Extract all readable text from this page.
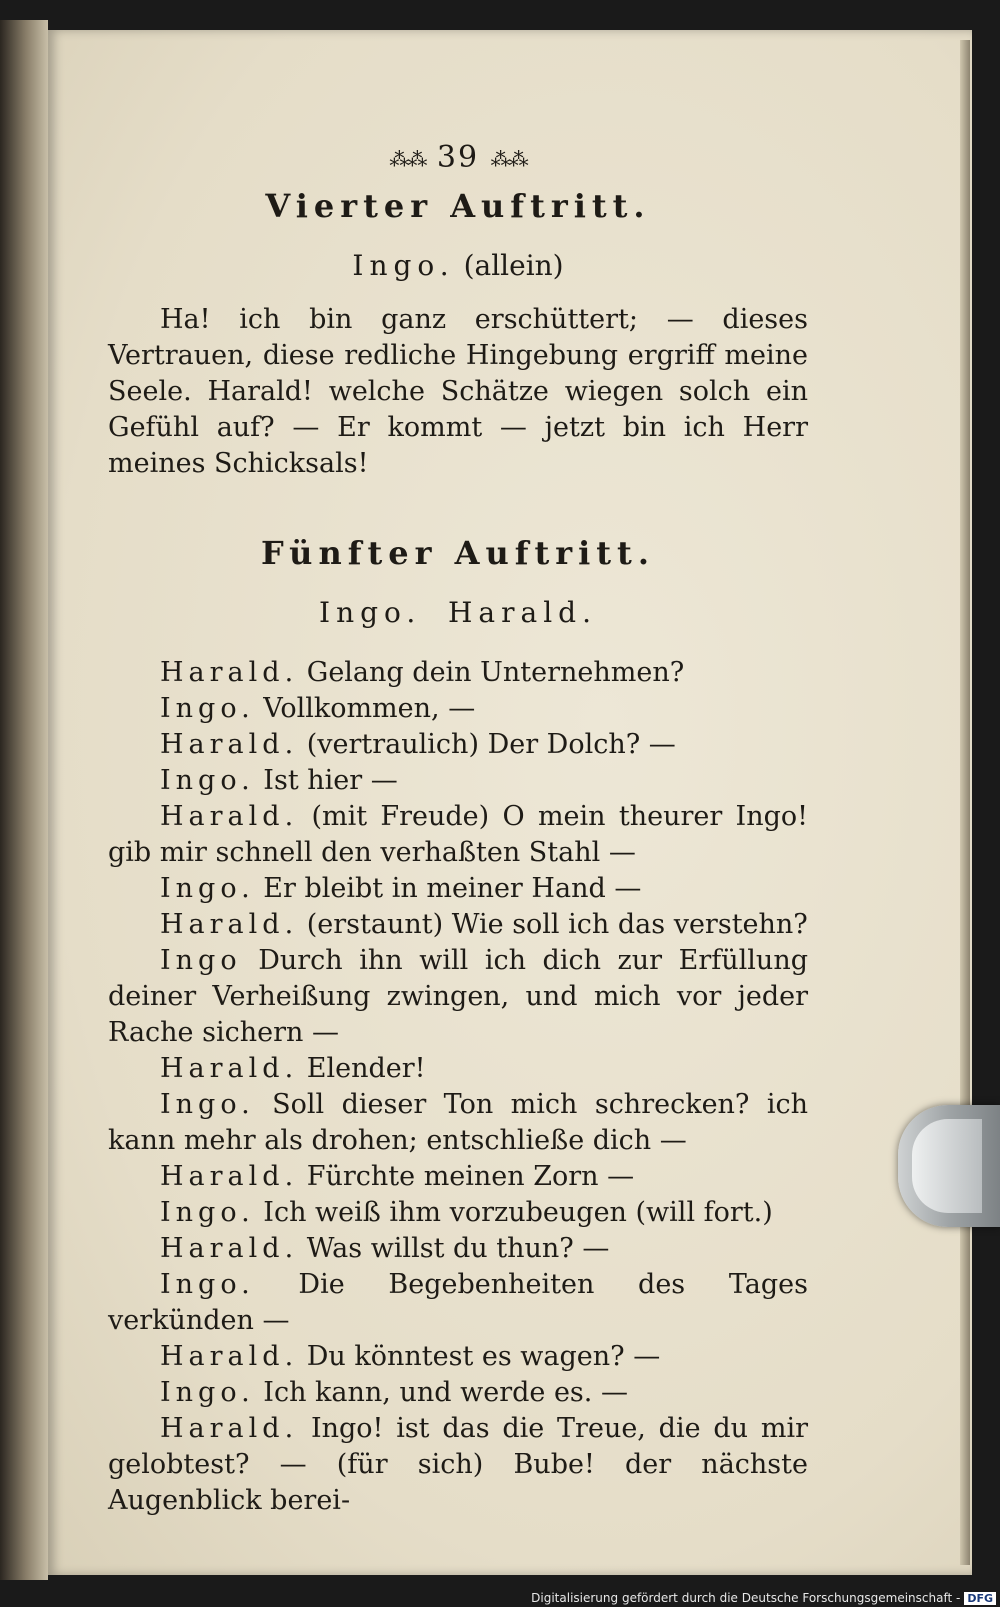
⁂⁂ 39 ⁂⁂
Vierter Auftritt.
Ingo. (allein)

Ha! ich bin ganz erschüttert; — dieses Vertrauen, diese redliche Hingebung ergriff meine Seele. Harald! welche Schätze wiegen solch ein Gefühl auf? — Er kommt — jetzt bin ich Herr meines Schicksals!

Fünfter Auftritt.
Ingo. Harald.

Harald. Gelang dein Unternehmen?

Ingo. Vollkommen, —

Harald. (vertraulich) Der Dolch? —

Ingo. Ist hier —

Harald. (mit Freude) O mein theurer Ingo! gib mir schnell den verhaßten Stahl —

Ingo. Er bleibt in meiner Hand —

Harald. (erstaunt) Wie soll ich das verstehn?

Ingo Durch ihn will ich dich zur Erfüllung deiner Verheißung zwingen, und mich vor jeder Rache sichern —

Harald. Elender!

Ingo. Soll dieser Ton mich schrecken? ich kann mehr als drohen; entschließe dich —

Harald. Fürchte meinen Zorn —

Ingo. Ich weiß ihm vorzubeugen (will fort.)

Harald. Was willst du thun? —

Ingo. Die Begebenheiten des Tages verkünden —

Harald. Du könntest es wagen? —

Ingo. Ich kann, und werde es. —

Harald. Ingo! ist das die Treue, die du mir gelobtest? — (für sich) Bube! der nächste Augenblick berei-

Digitalisierung gefördert durch die Deutsche Forschungsgemeinschaft - DFG
